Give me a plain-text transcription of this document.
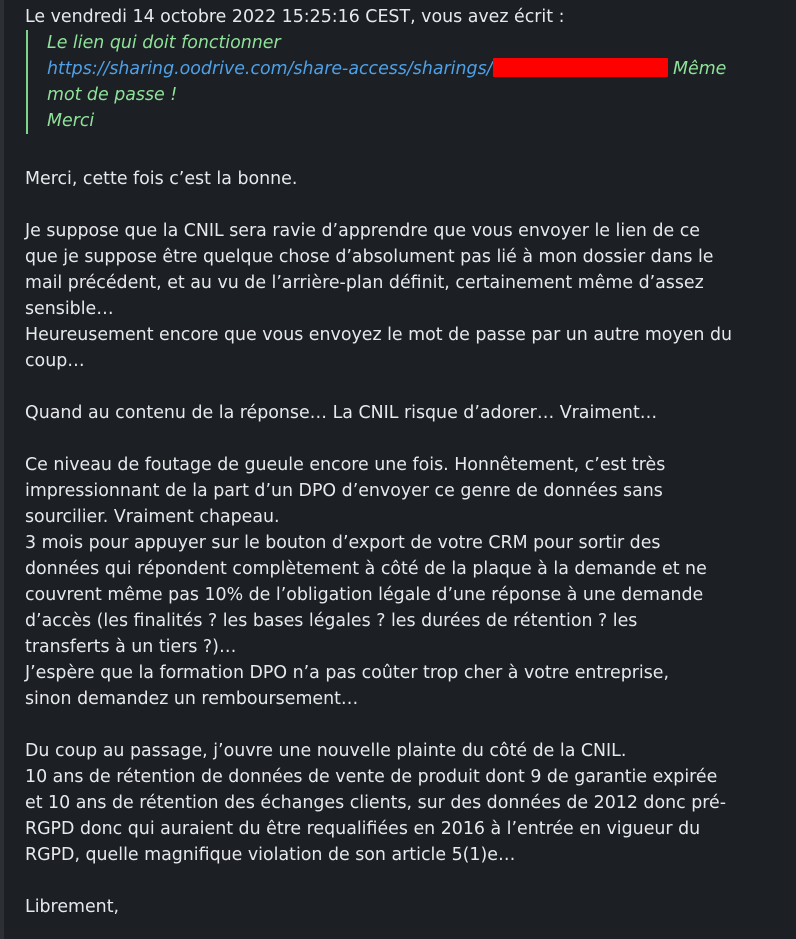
Le vendredi 14 octobre 2022 15:25:16 CEST, vous avez écrit :

Le lien qui doit fonctionner
https://sharing.oodrive.com/share-access/sharings/	Même
mot de passe !
Merci
Merci, cette fois c’est la bonne.
Je suppose que la CNIL sera ravie d’apprendre que vous envoyer le lien de ce
que je suppose être quelque chose d’absolument pas lié à mon dossier dans le
mail précédent, et au vu de l’arrière-plan définit, certainement même d’assez
sensible…
Heureusement encore que vous envoyez le mot de passe par un autre moyen du
coup…
Quand au contenu de la réponse… La CNIL risque d’adorer… Vraiment…
Ce niveau de foutage de gueule encore une fois. Honnêtement, c’est très
impressionnant de la part d’un DPO d’envoyer ce genre de données sans
sourcilier. Vraiment chapeau.
3 mois pour appuyer sur le bouton d’export de votre CRM pour sortir des
données qui répondent complètement à côté de la plaque à la demande et ne
couvrent même pas 10% de l’obligation légale d’une réponse à une demande
d’accès (les finalités ? les bases légales ? les durées de rétention ? les
transferts à un tiers ?)…
J’espère que la formation DPO n’a pas coûter trop cher à votre entreprise,
sinon demandez un remboursement…
Du coup au passage, j’ouvre une nouvelle plainte du côté de la CNIL.
10 ans de rétention de données de vente de produit dont 9 de garantie expirée
et 10 ans de rétention des échanges clients, sur des données de 2012 donc pré-
RGPD donc qui auraient du être requalifiées en 2016 à l’entrée en vigueur du
RGPD, quelle magnifique violation de son article 5(1)e…
Librement,
